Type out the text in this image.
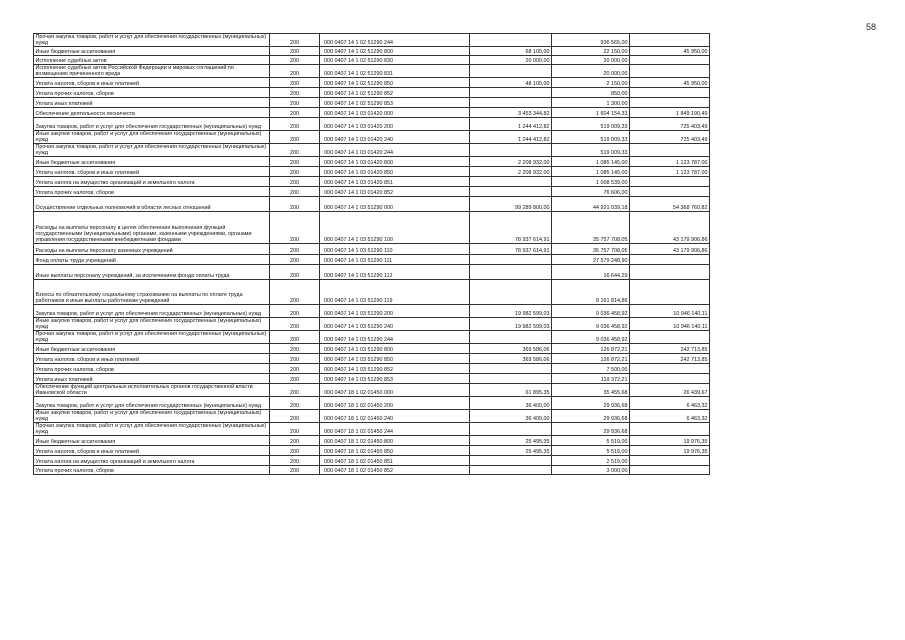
58
Прочая закупка товаров, работ и услуг для обеспечения государственных (муниципальных) нужд	200	000 0407 14 1 02 51290 244		936 565,00	
Иные бюджетные ассигнования	200	000 0407 14 1 02 51290 800	68 100,00	22 150,00	45 950,00
Исполнение судебных актов	200	000 0407 14 1 02 51290 830	20 000,00	20 000,00	
Исполнение судебных актов Российской Федерации и мировых соглашений по возмещению причиненного вреда	200	000 0407 14 1 02 51290 831		20 000,00	
Уплата налогов, сборов и иных платежей	200	000 0407 14 1 02 51290 850	48 100,00	2 150,00	45 950,00
Уплата прочих налогов, сборов	200	000 0407 14 1 02 51290 852		850,00	
Уплата иных платежей	200	000 0407 14 1 02 51290 853		1 300,00	
Обеспечение деятельности лесничеств	200	000 0407 14 1 03 01420 000	3 453 344,82	1 604 154,33	1 849 190,49
Закупка товаров, работ и услуг для обеспечения государственных (муниципальных) нужд	200	000 0407 14 1 03 01420 200	1 244 412,82	519 009,33	725 403,49
Иные закупки товаров, работ и услуг для обеспечения государственных (муниципальных) нужд	200	000 0407 14 1 03 01420 240	1 244 412,82	519 009,33	725 403,49
Прочая закупка товаров, работ и услуг для обеспечения государственных (муниципальных) нужд	200	000 0407 14 1 03 01420 244		519 009,33	
Иные бюджетные ассигнования	200	000 0407 14 1 03 01420 800	2 208 932,00	1 085 145,00	1 123 787,00
Уплата налогов, сборов и иных платежей	200	000 0407 14 1 03 01420 850	2 208 932,00	1 085 145,00	1 123 787,00
Уплата налога на имущество организаций и земельного налога	200	000 0407 14 1 03 01420 851		1 008 539,00	
Уплата прочих налогов, сборов	200	000 0407 14 1 03 01420 852		76 606,00	
Осуществление отдельных полномочий в области лесных отношений	200	000 0407 14 1 03 51290 000	99 289 800,00	44 921 039,18	54 368 760,82
Расходы на выплаты персоналу в целях обеспечения выполнения функций государственными (муниципальными) органами, казенными учреждениями, органами управления государственными внебюджетными фондами	200	000 0407 14 1 03 51290 100	78 937 614,91	35 757 708,05	43 179 906,86
Расходы на выплаты персоналу казенных учреждений	200	000 0407 14 1 03 51290 110	78 937 614,91	35 757 708,05	43 179 906,86
Фонд оплаты труда учреждений	200	000 0407 14 1 03 51290 111		27 579 248,90	
Иные выплаты персоналу учреждений, за исключением фонда оплаты труда	200	000 0407 14 1 03 51290 112		16 644,29	
Взносы по обязательному социальному страхованию на выплаты по оплате труда работников и иные выплаты работникам учреждений	200	000 0407 14 1 03 51290 119		8 161 814,86	
Закупка товаров, работ и услуг для обеспечения государственных (муниципальных) нужд	200	000 0407 14 1 03 51290 200	19 982 599,03	9 036 458,92	10 946 140,11
Иные закупки товаров, работ и услуг для обеспечения государственных (муниципальных) нужд	200	000 0407 14 1 03 51290 240	19 982 599,03	9 036 458,92	10 946 140,11
Прочая закупка товаров, работ и услуг для обеспечения государственных (муниципальных) нужд	200	000 0407 14 1 03 51290 244		9 036 458,92	
Иные бюджетные ассигнования	200	000 0407 14 1 03 51290 800	369 586,06	126 872,21	242 713,85
Уплата налогов, сборов и иных платежей	200	000 0407 14 1 03 51290 850	369 586,06	126 872,21	242 713,85
Уплата прочих налогов, сборов	200	000 0407 14 1 03 51290 852		7 500,00	
Уплата иных платежей	200	000 0407 14 1 03 51290 853		119 372,21	
Обеспечение функций центральных исполнительных органов государственной власти Ивановской области	200	000 0407 18 1 02 01450 000	61 895,35	35 455,68	26 439,67
Закупка товаров, работ и услуг для обеспечения государственных (муниципальных) нужд	200	000 0407 18 1 02 01450 200	36 400,00	29 936,68	6 463,32
Иные закупки товаров, работ и услуг для обеспечения государственных (муниципальных) нужд	200	000 0407 18 1 02 01450 240	36 400,00	29 936,68	6 463,32
Прочая закупка товаров, работ и услуг для обеспечения государственных (муниципальных) нужд	200	000 0407 18 1 02 01450 244		29 936,68	
Иные бюджетные ассигнования	200	000 0407 18 1 02 01450 800	25 495,35	5 519,00	19 976,35
Уплата налогов, сборов и иных платежей	200	000 0407 18 1 02 01450 850	25 495,35	5 519,00	19 976,35
Уплата налога на имущество организаций и земельного налога	200	000 0407 18 1 02 01450 851		2 519,00	
Уплата прочих налогов, сборов	200	000 0407 18 1 02 01450 852		3 000,00	
